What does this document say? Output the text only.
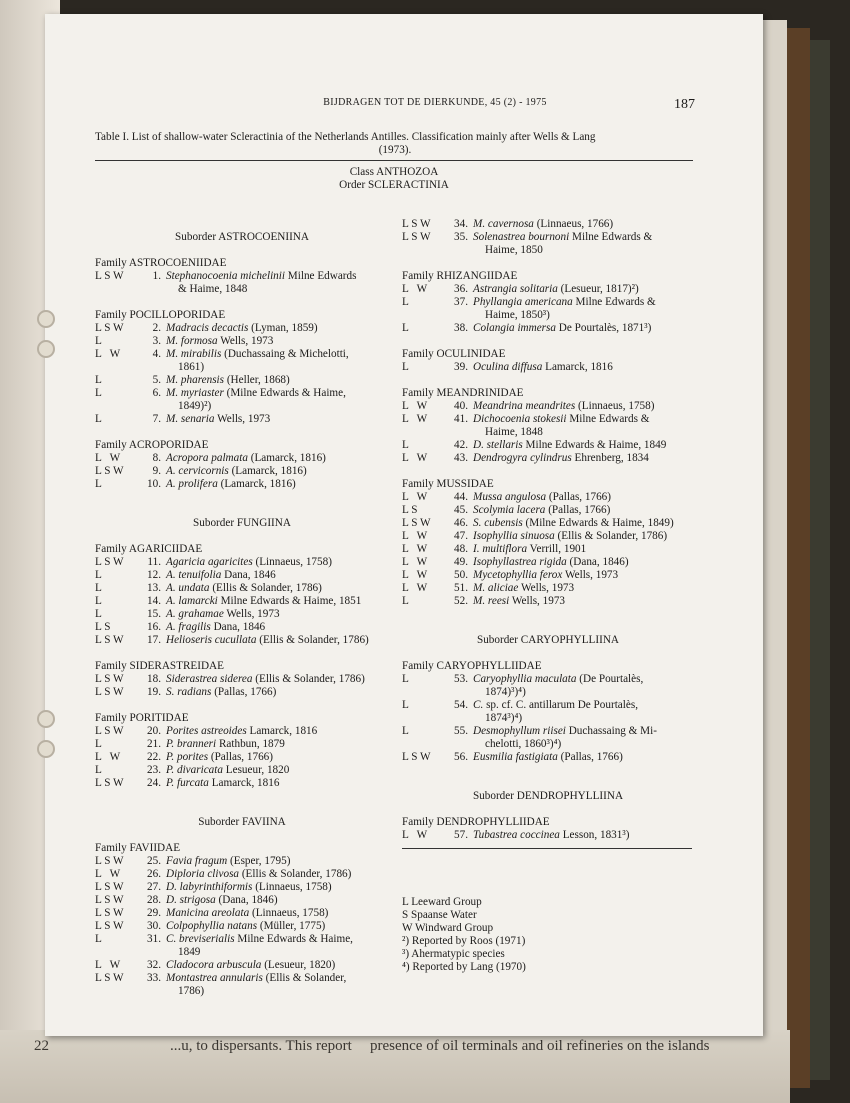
22	...u, to dispersants. This report presence of oil terminals and oil refineries on the islands
BIJDRAGEN TOT DE DIERKUNDE, 45 (2) - 1975	187
Table I. List of shallow-water Scleractinia of the Netherlands Antilles. Classification mainly after Wells & Lang
(1973).
Class ANTHOZOA
Order SCLERACTINIA
Suborder ASTROCOENIINA
Family ASTROCOENIIDAE
L S W	1. Stephanocoenia michelinii Milne Edwards
& Haime, 1848
Family POCILLOPORIDAE
L S W	2. Madracis decactis (Lyman, 1859)
L	3. M. formosa Wells, 1973
L   W	4. M. mirabilis (Duchassaing & Michelotti,
1861)
L	5. M. pharensis (Heller, 1868)
L	6. M. myriaster (Milne Edwards & Haime,
1849)²)
L	7. M. senaria Wells, 1973
Family ACROPORIDAE
L   W	8. Acropora palmata (Lamarck, 1816)
L S W	9. A. cervicornis (Lamarck, 1816)
L	10. A. prolifera (Lamarck, 1816)
Suborder FUNGIINA
Family AGARICIIDAE
L S W	11. Agaricia agaricites (Linnaeus, 1758)
L	12. A. tenuifolia Dana, 1846
L	13. A. undata (Ellis & Solander, 1786)
L	14. A. lamarcki Milne Edwards & Haime, 1851
L	15. A. grahamae Wells, 1973
L S	16. A. fragilis Dana, 1846
L S W	17. Helioseris cucullata (Ellis & Solander, 1786)
Family SIDERASTREIDAE
L S W	18. Siderastrea siderea (Ellis & Solander, 1786)
L S W	19. S. radians (Pallas, 1766)
Family PORITIDAE
L S W	20. Porites astreoides Lamarck, 1816
L	21. P. branneri Rathbun, 1879
L   W	22. P. porites (Pallas, 1766)
L	23. P. divaricata Lesueur, 1820
L S W	24. P. furcata Lamarck, 1816
Suborder FAVIINA
Family FAVIIDAE
L S W	25. Favia fragum (Esper, 1795)
L   W	26. Diploria clivosa (Ellis & Solander, 1786)
L S W	27. D. labyrinthiformis (Linnaeus, 1758)
L S W	28. D. strigosa (Dana, 1846)
L S W	29. Manicina areolata (Linnaeus, 1758)
L S W	30. Colpophyllia natans (Müller, 1775)
L	31. C. breviserialis Milne Edwards & Haime,
1849
L   W	32. Cladocora arbuscula (Lesueur, 1820)
L S W	33. Montastrea annularis (Ellis & Solander,
1786)
L S W	34. M. cavernosa (Linnaeus, 1766)
L S W	35. Solenastrea bournoni Milne Edwards &
Haime, 1850
Family RHIZANGIIDAE
L   W	36. Astrangia solitaria (Lesueur, 1817)²)
L	37. Phyllangia americana Milne Edwards &
Haime, 1850³)
L	38. Colangia immersa De Pourtalès, 1871³)
Family OCULINIDAE
L	39. Oculina diffusa Lamarck, 1816
Family MEANDRINIDAE
L   W	40. Meandrina meandrites (Linnaeus, 1758)
L   W	41. Dichocoenia stokesii Milne Edwards &
Haime, 1848
L	42. D. stellaris Milne Edwards & Haime, 1849
L   W	43. Dendrogyra cylindrus Ehrenberg, 1834
Family MUSSIDAE
L   W	44. Mussa angulosa (Pallas, 1766)
L S	45. Scolymia lacera (Pallas, 1766)
L S W	46. S. cubensis (Milne Edwards & Haime, 1849)
L   W	47. Isophyllia sinuosa (Ellis & Solander, 1786)
L   W	48. I. multiflora Verrill, 1901
L   W	49. Isophyllastrea rigida (Dana, 1846)
L   W	50. Mycetophyllia ferox Wells, 1973
L   W	51. M. aliciae Wells, 1973
L	52. M. reesi Wells, 1973
Suborder CARYOPHYLLIINA
Family CARYOPHYLLIIDAE
L	53. Caryophyllia maculata (De Pourtalès,
1874)³)⁴)
L	54. C. sp. cf. C. antillarum De Pourtalès,
1874³)⁴)
L	55. Desmophyllum riisei Duchassaing & Mi-
chelotti, 1860³)⁴)
L S W	56. Eusmilia fastigiata (Pallas, 1766)
Suborder DENDROPHYLLIINA
Family DENDROPHYLLIIDAE
L   W	57. Tubastrea coccinea Lesson, 1831³)
L Leeward Group
S Spaanse Water
W Windward Group
²) Reported by Roos (1971)
³) Ahermatypic species
⁴) Reported by Lang (1970)
